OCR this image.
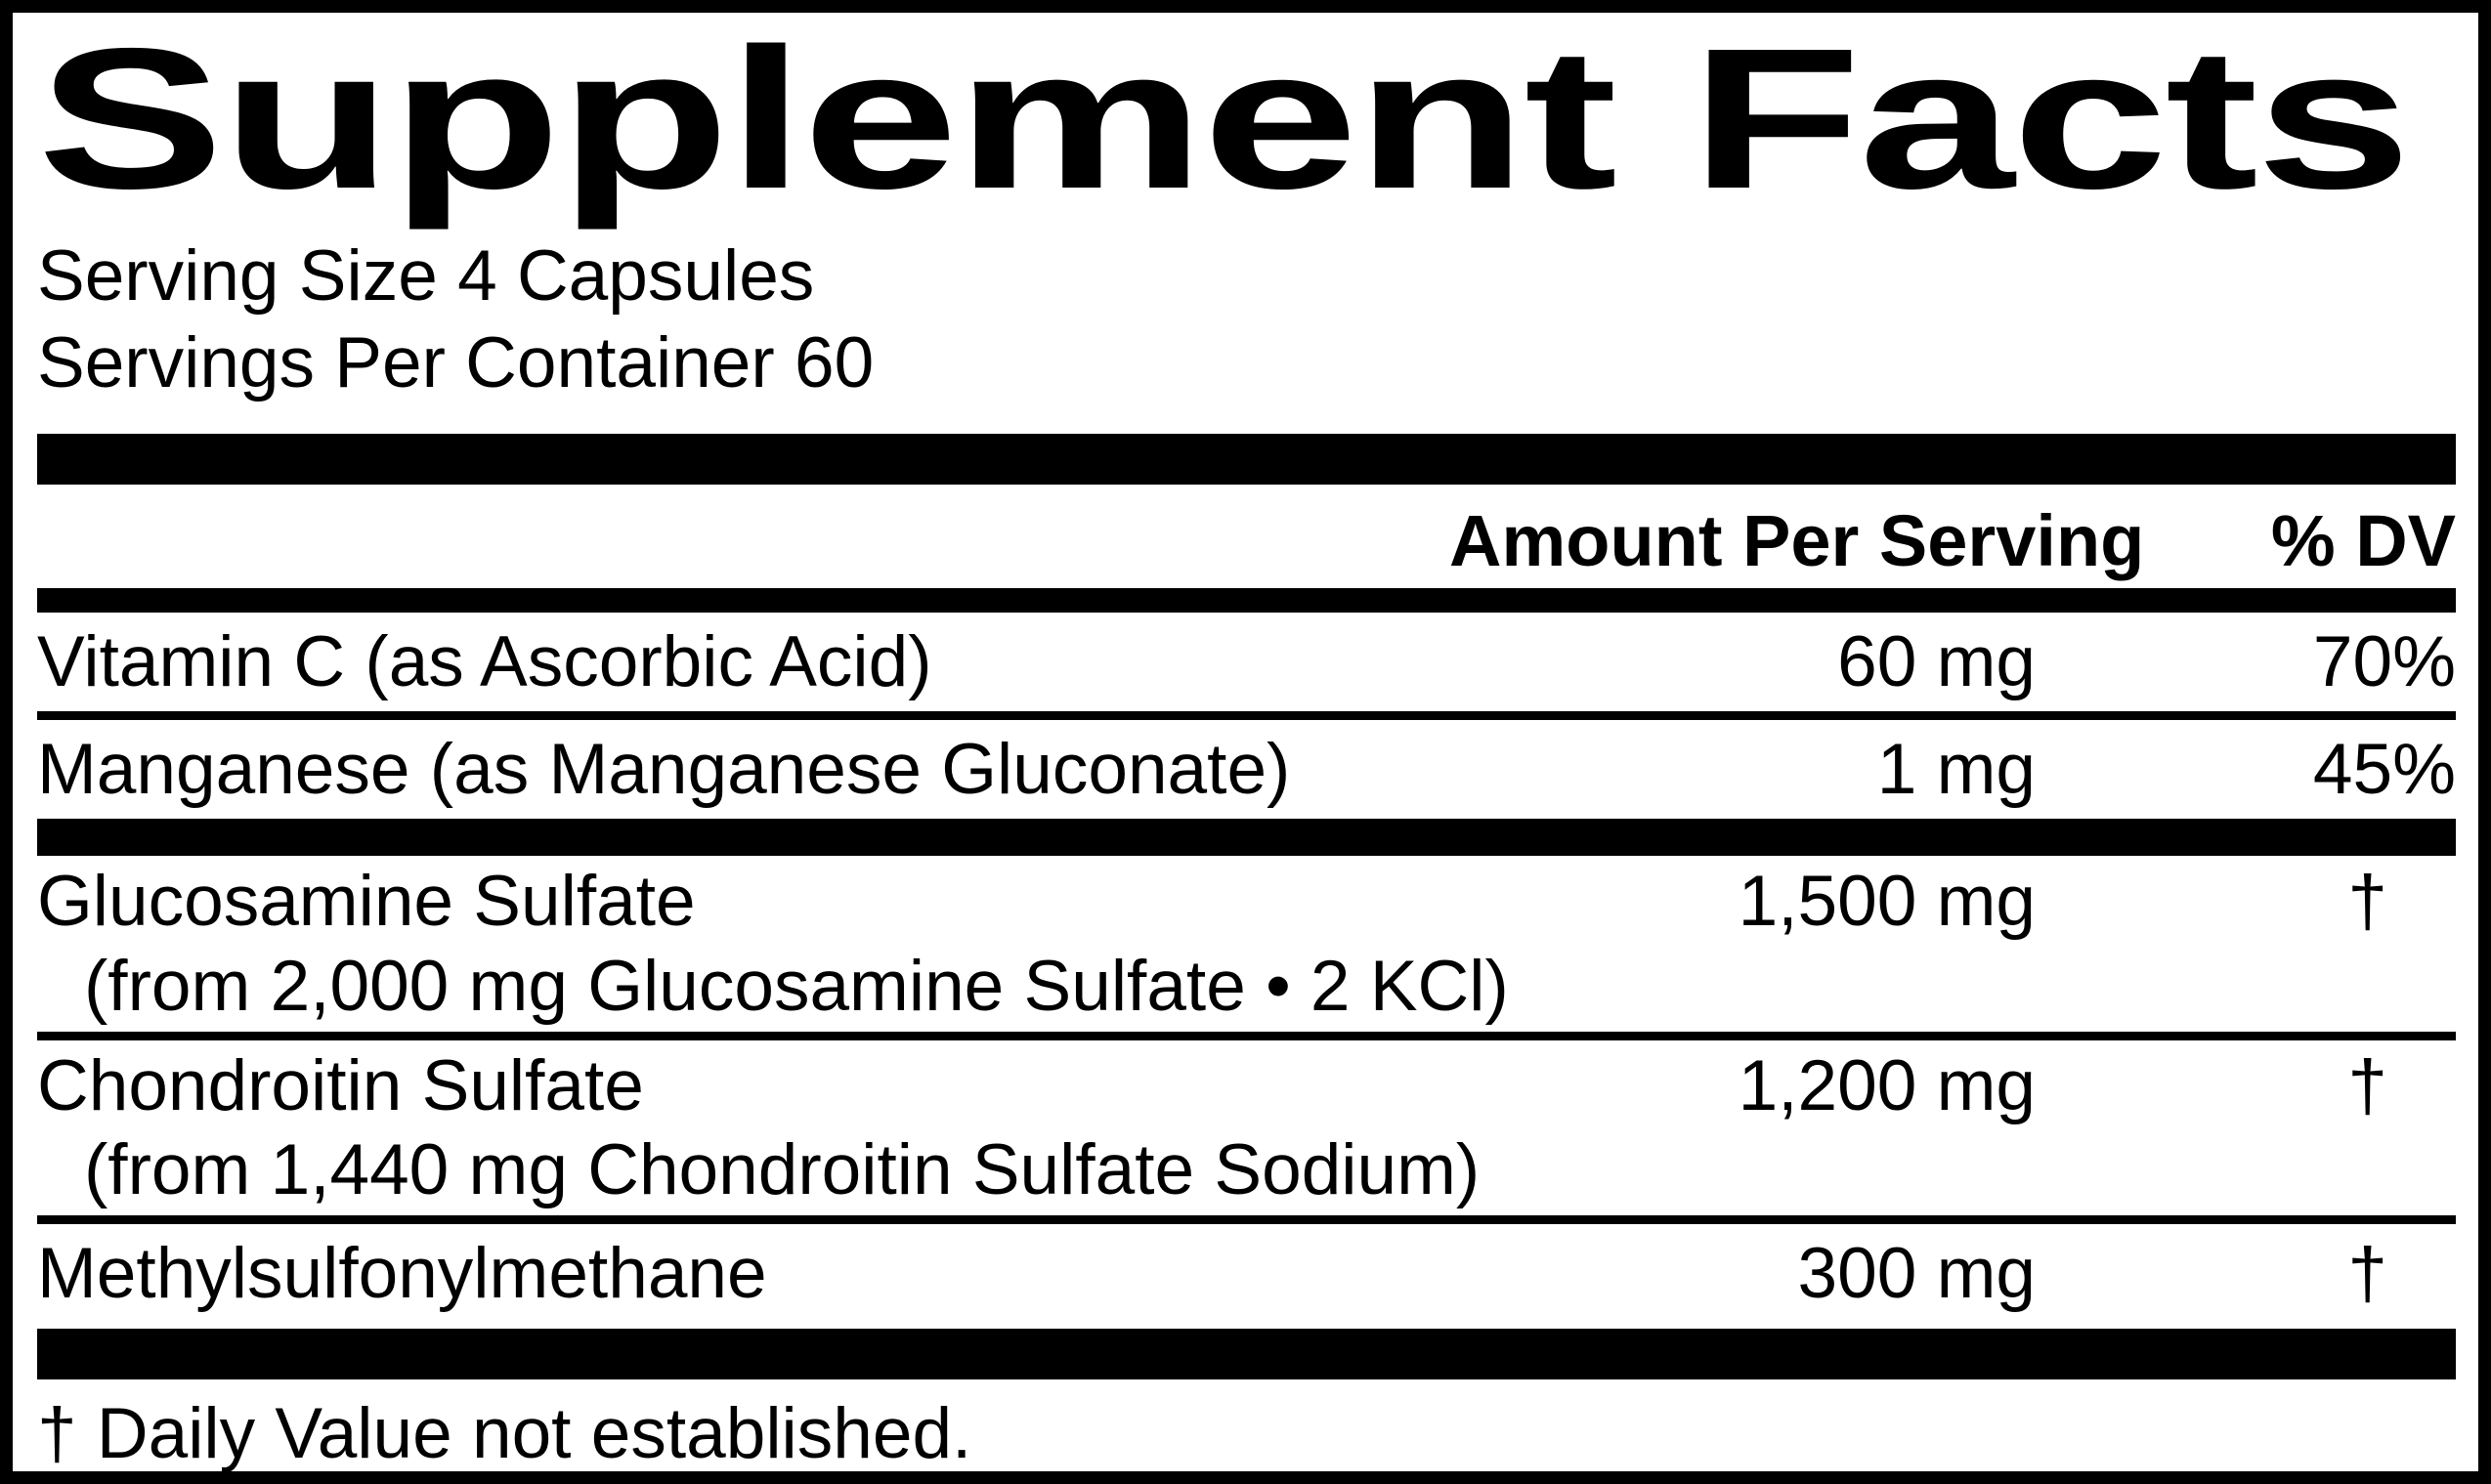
Supplement Facts
Serving Size 4 Capsules
Servings Per Container 60
Amount Per Serving	% DV
Vitamin C (as Ascorbic Acid)	60 mg	70%
Manganese (as Manganese Gluconate)	1 mg	45%
Glucosamine Sulfate	1,500 mg	†
(from 2,000 mg Glucosamine Sulfate • 2 KCl)
Chondroitin Sulfate	1,200 mg	†
(from 1,440 mg Chondroitin Sulfate Sodium)
Methylsulfonylmethane	300 mg	†
† Daily Value not established.
